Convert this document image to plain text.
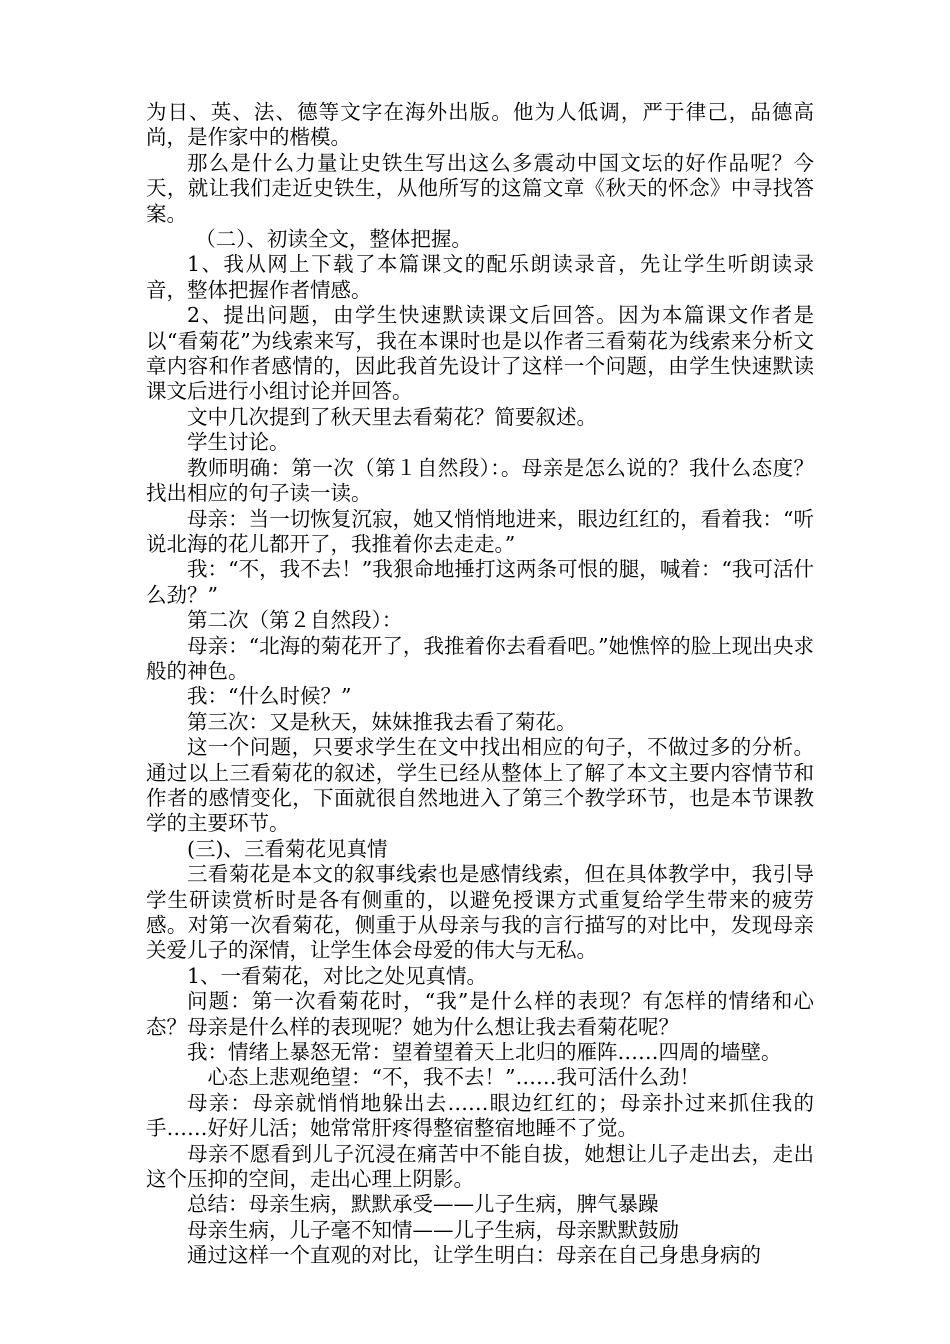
为日、英、法、德等文字在海外出版。他为人低调，严于律己，品德高尚，是作家中的楷模。

那么是什么力量让史铁生写出这么多震动中国文坛的好作品呢？今天，就让我们走近史铁生，从他所写的这篇文章《秋天的怀念》中寻找答案。

（二）、初读全文，整体把握。

1、我从网上下载了本篇课文的配乐朗读录音，先让学生听朗读录音，整体把握作者情感。

2、提出问题，由学生快速默读课文后回答。因为本篇课文作者是以“看菊花”为线索来写，我在本课时也是以作者三看菊花为线索来分析文章内容和作者感情的，因此我首先设计了这样一个问题，由学生快速默读课文后进行小组讨论并回答。

文中几次提到了秋天里去看菊花？简要叙述。

学生讨论。

教师明确：第一次（第１自然段）：。母亲是怎么说的？我什么态度？找出相应的句子读一读。

母亲：当一切恢复沉寂，她又悄悄地进来，眼边红红的，看着我：“听说北海的花儿都开了，我推着你去走走。”

我：“不，我不去！”我狠命地捶打这两条可恨的腿，喊着：“我可活什么劲？”

第二次（第２自然段）：

母亲：“北海的菊花开了，我推着你去看看吧。”她憔悴的脸上现出央求般的神色。

我：“什么时候？”

第三次：又是秋天，妹妹推我去看了菊花。

这一个问题，只要求学生在文中找出相应的句子，不做过多的分析。通过以上三看菊花的叙述，学生已经从整体上了解了本文主要内容情节和作者的感情变化，下面就很自然地进入了第三个教学环节，也是本节课教学的主要环节。

(三)、三看菊花见真情

三看菊花是本文的叙事线索也是感情线索，但在具体教学中，我引导学生研读赏析时是各有侧重的，以避免授课方式重复给学生带来的疲劳感。对第一次看菊花，侧重于从母亲与我的言行描写的对比中，发现母亲关爱儿子的深情，让学生体会母爱的伟大与无私。

1、一看菊花，对比之处见真情。

问题：第一次看菊花时，“我”是什么样的表现？有怎样的情绪和心态？母亲是什么样的表现呢？她为什么想让我去看菊花呢？

我：情绪上暴怒无常：望着望着天上北归的雁阵……四周的墙壁。

心态上悲观绝望：“不，我不去！”……我可活什么劲！

母亲：母亲就悄悄地躲出去……眼边红红的；母亲扑过来抓住我的手……好好儿活；她常常肝疼得整宿整宿地睡不了觉。

母亲不愿看到儿子沉浸在痛苦中不能自拔，她想让儿子走出去，走出这个压抑的空间，走出心理上阴影。

总结：母亲生病，默默承受——儿子生病，脾气暴躁

母亲生病，儿子毫不知情——儿子生病，母亲默默鼓励

通过这样一个直观的对比，让学生明白：母亲在自己身患身病的
